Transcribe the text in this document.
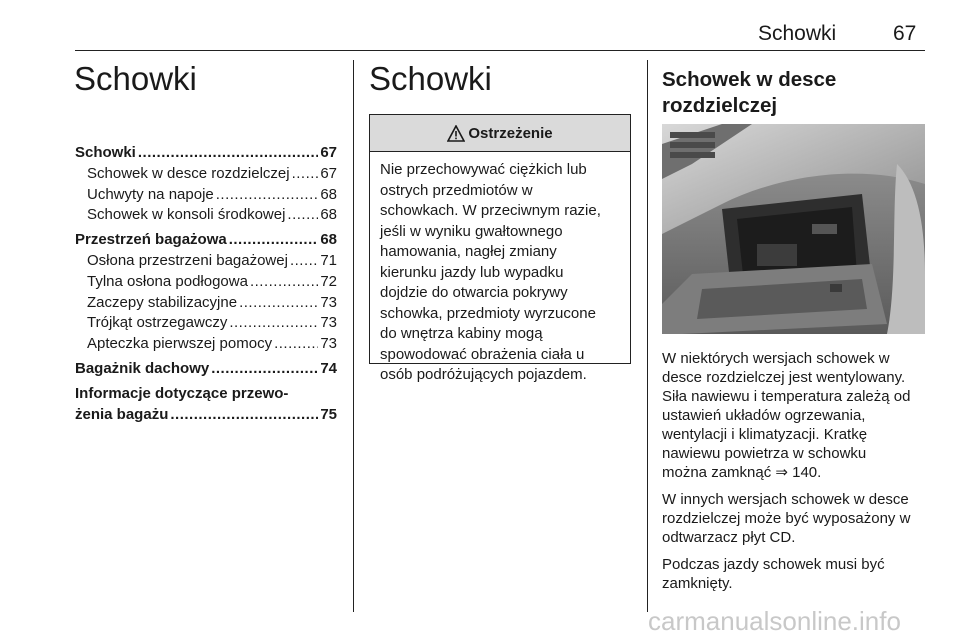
Schowki	67
Schowki
Schowki .....	67
Schowek w desce rozdzielczej ..... 67
Uchwyty na napoje .....	68
Schowek w konsoli środkowej ..... 68
Przestrzeń bagażowa .....	68
Osłona przestrzeni bagażowej ..... 71
Tylna osłona podłogowa .....	72
Zaczepy stabilizacyjne .....	73
Trójkąt ostrzegawczy .....	73
Apteczka pierwszej pomocy .....	73
Bagażnik dachowy .....	74
Informacje dotyczące przewo-
żenia bagażu .....	75
Schowki
Ostrzeżenie
Nie przechowywać ciężkich lub
ostrych przedmiotów w
schowkach. W przeciwnym razie,
jeśli w wyniku gwałtownego
hamowania, nagłej zmiany
kierunku jazdy lub wypadku
dojdzie do otwarcia pokrywy
schowka, przedmioty wyrzucone
do wnętrza kabiny mogą
spowodować obrażenia ciała u
osób podróżujących pojazdem.
Schowek w desce
rozdzielczej

W niektórych wersjach schowek w
desce rozdzielczej jest wentylowany.
Siła nawiewu i temperatura zależą od
ustawień układów ogrzewania,
wentylacji i klimatyzacji. Kratkę
nawiewu powietrza w schowku
można zamknąć ⇒ 140.

W innych wersjach schowek w desce
rozdzielczej może być wyposażony w
odtwarzacz płyt CD.

Podczas jazdy schowek musi być
zamknięty.

carmanualsonline.info
